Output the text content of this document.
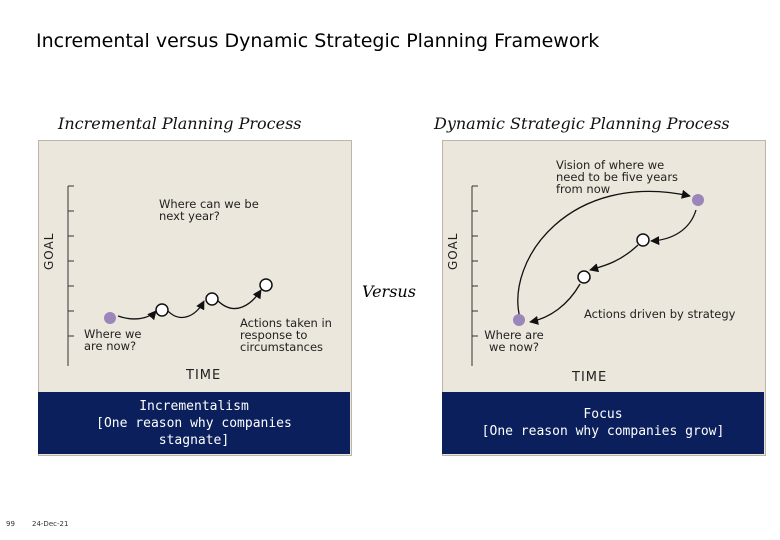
Incremental versus Dynamic Strategic Planning Framework
Incremental Planning Process	Dynamic Strategic Planning Process
Incrementalism
[One reason why companies stagnate]
Focus
[One reason why companies grow]
GOAL	GOAL
TIME	TIME
Where can we be next year?
Where we are now?
Actions taken in response to circumstances
Vision of where we need to be five years from now
Where are we now?
Actions driven by strategy
Versus
99 24-Dec-21
